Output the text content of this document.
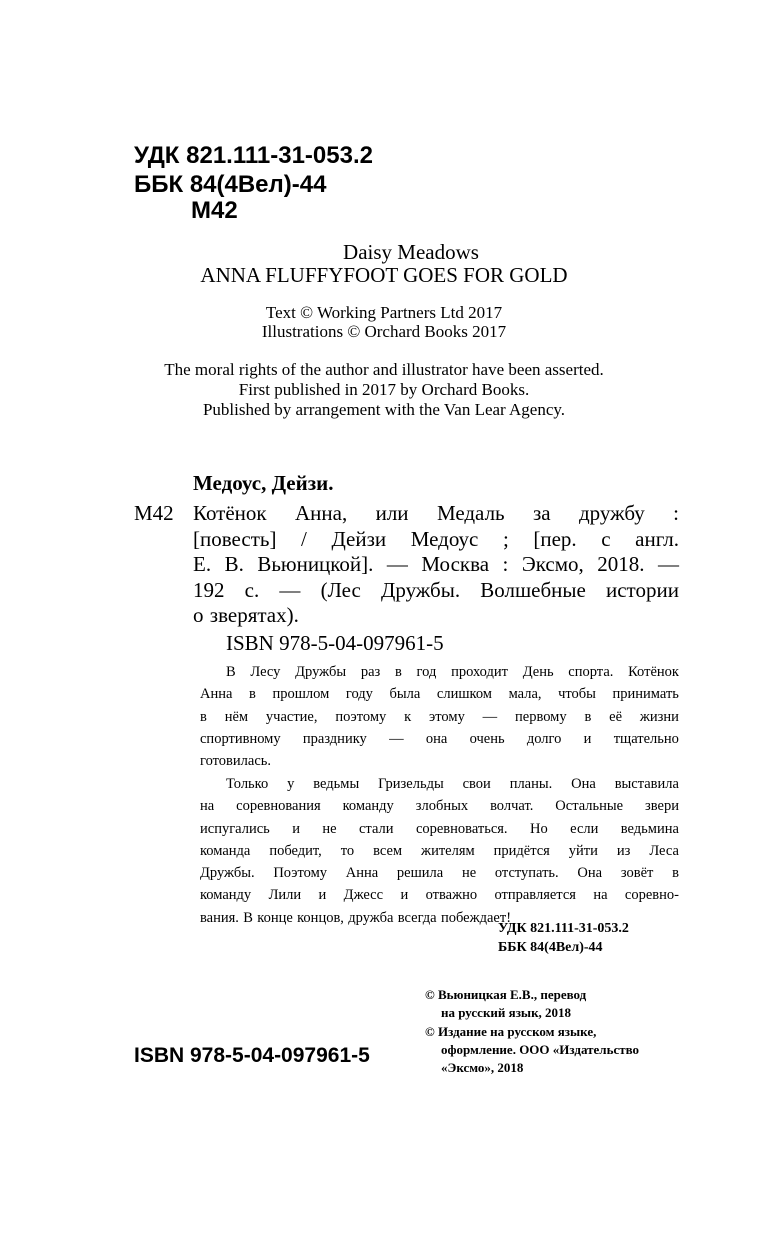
УДК 821.111-31-053.2
ББК 84(4Вел)-44
М42
Daisy Meadows
ANNA FLUFFYFOOT GOES FOR GOLD
Text © Working Partners Ltd 2017
Illustrations © Orchard Books 2017
The moral rights of the author and illustrator have been asserted.
First published in 2017 by Orchard Books.
Published by arrangement with the Van Lear Agency.
Медоус, Дейзи.
М42 Котёнок Анна, или Медаль за дружбу :
[повесть] / Дейзи Медоус ; [пер. с англ.
Е. В. Вьюницкой]. — Москва : Эксмо, 2018. —
192 с. — (Лес Дружбы. Волшебные истории
о зверятах).
ISBN 978-5-04-097961-5
В Лесу Дружбы раз в год проходит День спорта. Котёнок
Анна в прошлом году была слишком мала, чтобы принимать
в нём участие, поэтому к этому — первому в её жизни
спортивному празднику — она очень долго и тщательно
готовилась.
Только у ведьмы Гризельды свои планы. Она выставила
на соревнования команду злобных волчат. Остальные звери
испугались и не стали соревноваться. Но если ведьмина
команда победит, то всем жителям придётся уйти из Леса
Дружбы. Поэтому Анна решила не отступать. Она зовёт в
команду Лили и Джесс и отважно отправляется на соревно-
вания. В конце концов, дружба всегда побеждает!
УДК 821.111-31-053.2
ББК 84(4Вел)-44
© Вьюницкая Е.В., перевод
на русский язык, 2018
© Издание на русском языке,
оформление. ООО «Издательство
«Эксмо», 2018
ISBN 978-5-04-097961-5
